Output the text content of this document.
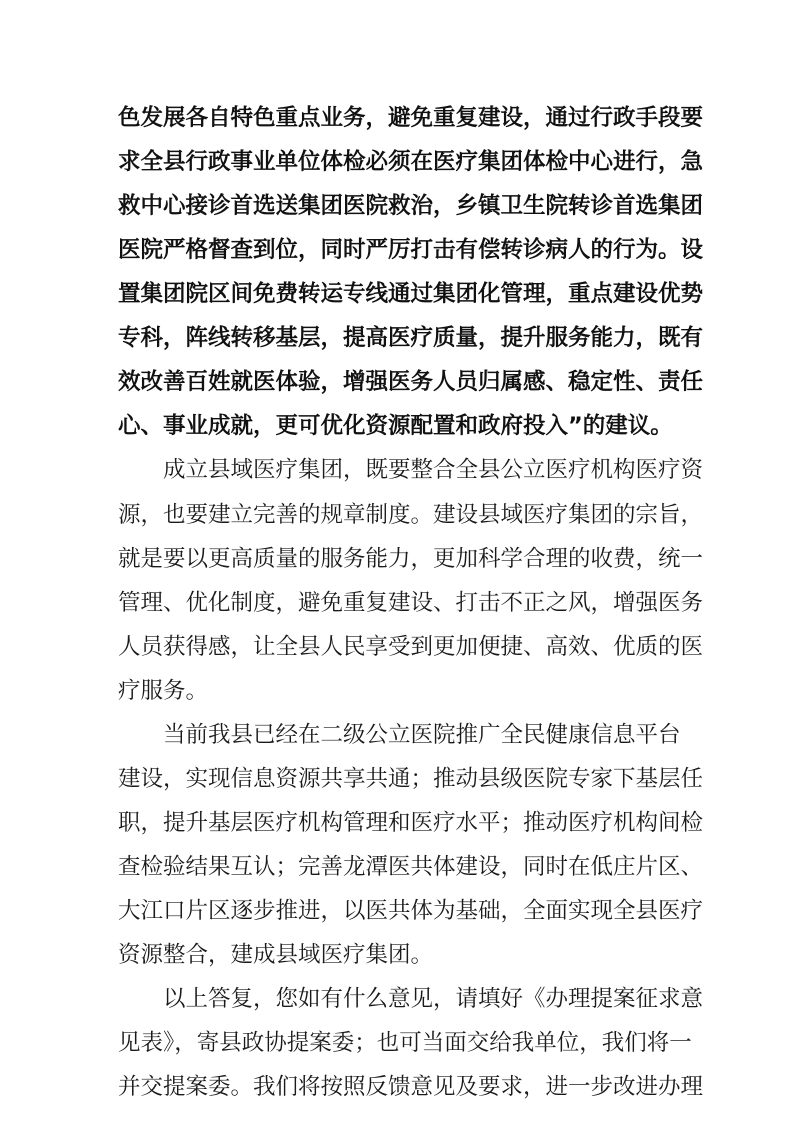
色发展各自特色重点业务，避免重复建设，通过行政手段要
求全县行政事业单位体检必须在医疗集团体检中心进行，急
救中心接诊首选送集团医院救治，乡镇卫生院转诊首选集团
医院严格督查到位，同时严厉打击有偿转诊病人的行为。设
置集团院区间免费转运专线通过集团化管理，重点建设优势
专科，阵线转移基层，提高医疗质量，提升服务能力，既有
效改善百姓就医体验，增强医务人员归属感、稳定性、责任
心、事业成就，更可优化资源配置和政府投入”的建议。
成立县域医疗集团，既要整合全县公立医疗机构医疗资
源，也要建立完善的规章制度。建设县域医疗集团的宗旨，
就是要以更高质量的服务能力，更加科学合理的收费，统一
管理、优化制度，避免重复建设、打击不正之风，增强医务
人员获得感，让全县人民享受到更加便捷、高效、优质的医
疗服务。
当前我县已经在二级公立医院推广全民健康信息平台
建设，实现信息资源共享共通；推动县级医院专家下基层任
职，提升基层医疗机构管理和医疗水平；推动医疗机构间检
查检验结果互认；完善龙潭医共体建设，同时在低庄片区、
大江口片区逐步推进，以医共体为基础，全面实现全县医疗
资源整合，建成县域医疗集团。
以上答复，您如有什么意见，请填好《办理提案征求意
见表》，寄县政协提案委；也可当面交给我单位，我们将一
并交提案委。我们将按照反馈意见及要求，进一步改进办理
